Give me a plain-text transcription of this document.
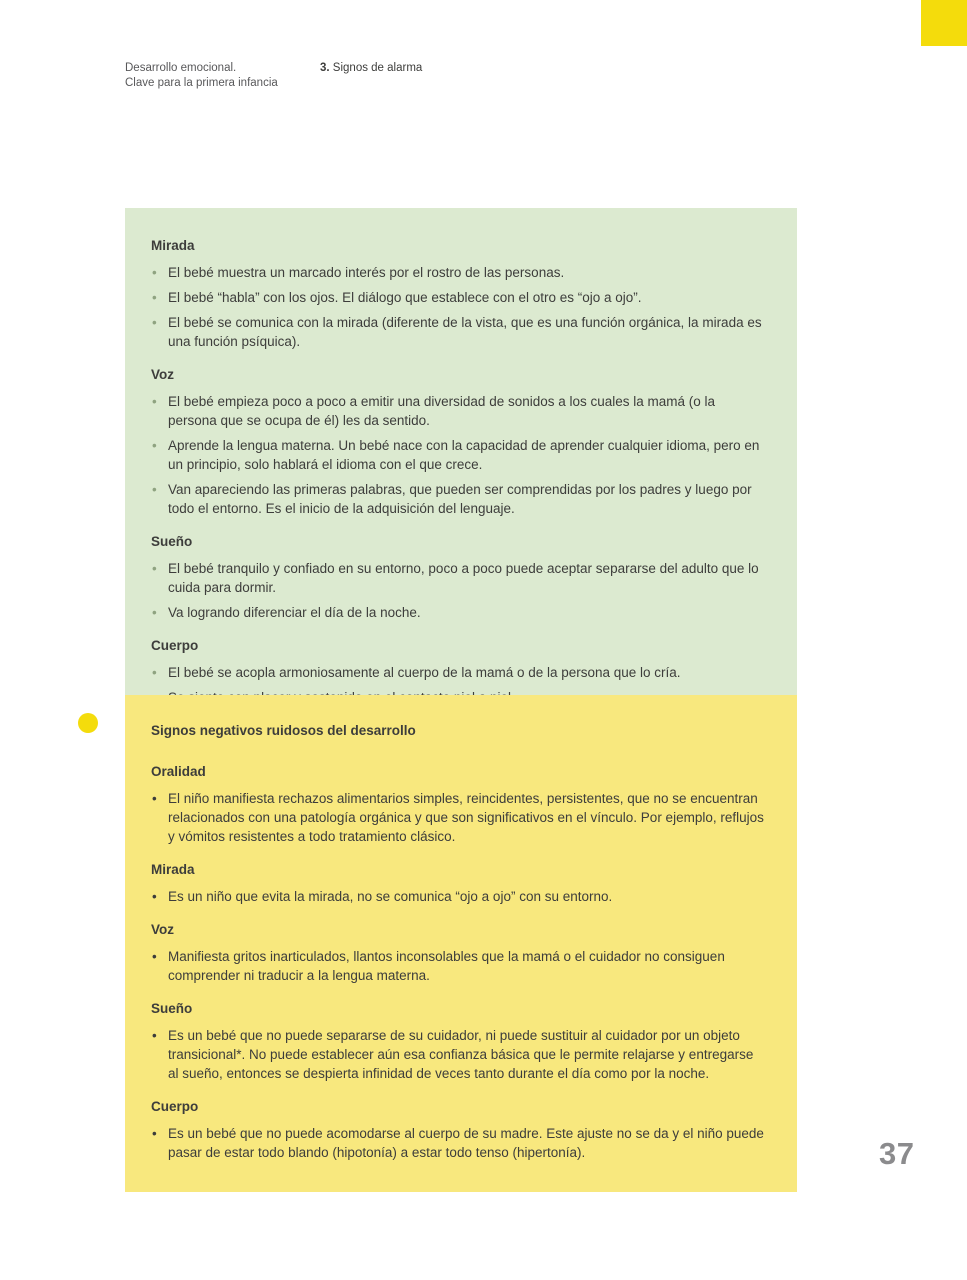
Desarrollo emocional.
Clave para la primera infancia
3. Signos de alarma
Mirada
• El bebé muestra un marcado interés por el rostro de las personas.
• El bebé “habla” con los ojos. El diálogo que establece con el otro es “ojo a ojo”.
• El bebé se comunica con la mirada (diferente de la vista, que es una función orgánica, la mirada es una función psíquica).
Voz
• El bebé empieza poco a poco a emitir una diversidad de sonidos a los cuales la mamá (o la persona que se ocupa de él) les da sentido.
• Aprende la lengua materna. Un bebé nace con la capacidad de aprender cualquier idioma, pero en un principio, solo hablará el idioma con el que crece.
• Van apareciendo las primeras palabras, que pueden ser comprendidas por los padres y luego por todo el entorno. Es el inicio de la adquisición del lenguaje.
Sueño
• El bebé tranquilo y confiado en su entorno, poco a poco puede aceptar separarse del adulto que lo cuida para dormir.
• Va logrando diferenciar el día de la noche.
Cuerpo
• El bebé se acopla armoniosamente al cuerpo de la mamá o de la persona que lo cría.
•
Signos negativos ruidosos del desarrollo
Oralidad
• El niño manifiesta rechazos alimentarios simples, reincidentes, persistentes, que no se encuentran relacionados con una patología orgánica y que son significativos en el vínculo. Por ejemplo, reflujos y vómitos resistentes a todo tratamiento clásico.
Mirada
• Es un niño que evita la mirada, no se comunica “ojo a ojo” con su entorno.
Voz
• Manifiesta gritos inarticulados, llantos inconsolables que la mamá o el cuidador no consiguen comprender ni traducir a la lengua materna.
Sueño
• Es un bebé que no puede separarse de su cuidador, ni puede sustituir al cuidador por un objeto transicional*. No puede establecer aún esa confianza básica que le permite relajarse y entregarse al sueño, entonces se despierta infinidad de veces tanto durante el día como por la noche.
Cuerpo
• Es un bebé que no puede acomodarse al cuerpo de su madre. Este ajuste no se da y el niño puede pasar de estar todo blando (hipotonía) a estar todo tenso (hipertonía).	37
